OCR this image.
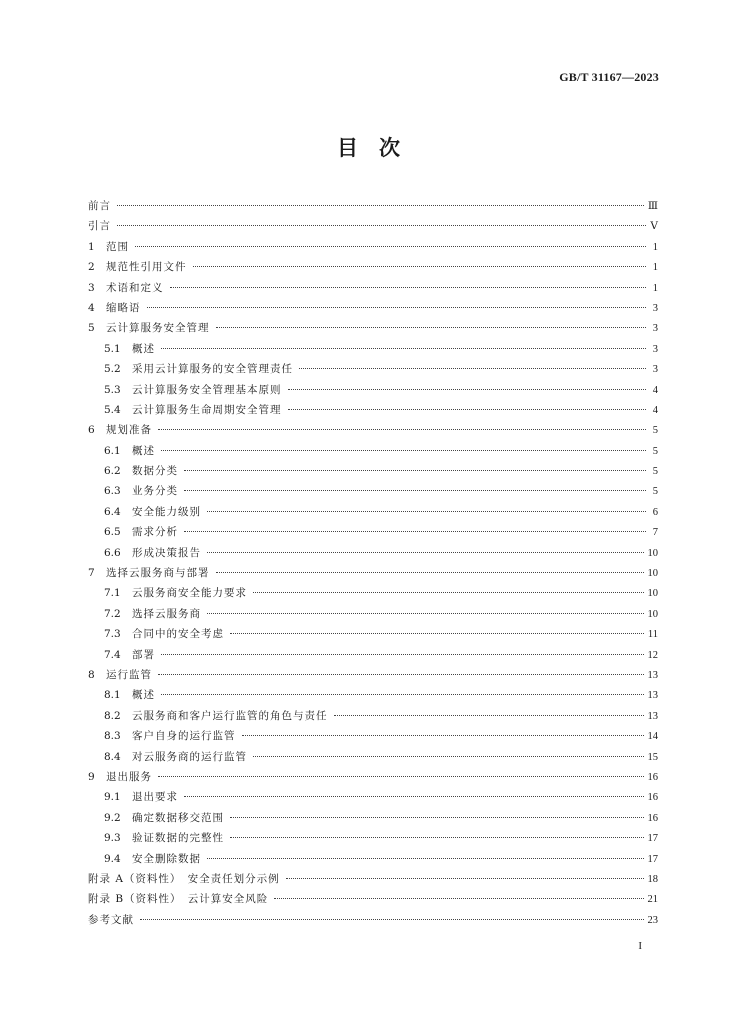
GB/T 31167—2023
目　次
前言	Ⅲ
引言	Ⅴ
1	范围	1
2	规范性引用文件	1
3	术语和定义	1
4	缩略语	3
5	云计算服务安全管理	3
5.1	概述	3
5.2	采用云计算服务的安全管理责任	3
5.3	云计算服务安全管理基本原则	4
5.4	云计算服务生命周期安全管理	4
6	规划准备	5
6.1	概述	5
6.2	数据分类	5
6.3	业务分类	5
6.4	安全能力级别	6
6.5	需求分析	7
6.6	形成决策报告	10
7	选择云服务商与部署	10
7.1	云服务商安全能力要求	10
7.2	选择云服务商	10
7.3	合同中的安全考虑	11
7.4	部署	12
8	运行监管	13
8.1	概述	13
8.2	云服务商和客户运行监管的角色与责任	13
8.3	客户自身的运行监管	14
8.4	对云服务商的运行监管	15
9	退出服务	16
9.1	退出要求	16
9.2	确定数据移交范围	16
9.3	验证数据的完整性	17
9.4	安全删除数据	17
附录 A（资料性）　安全责任划分示例	18
附录 B（资料性）　云计算安全风险	21
参考文献	23
I
